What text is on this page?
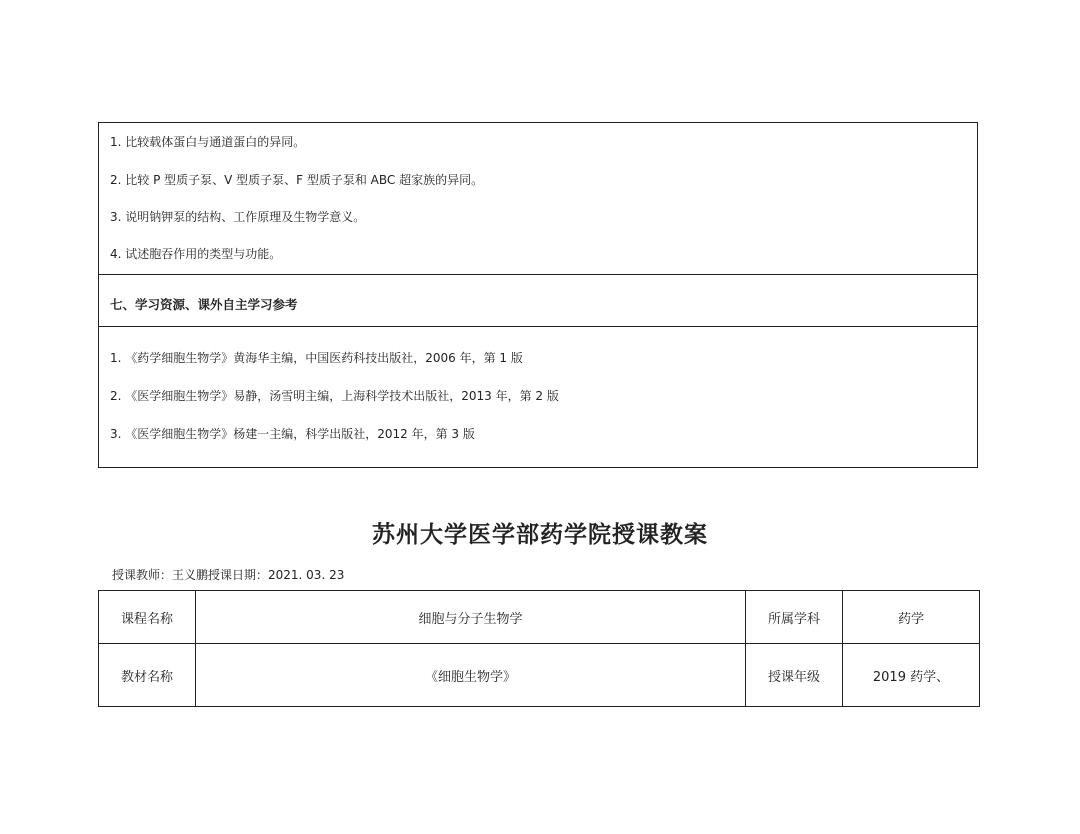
1. 比较载体蛋白与通道蛋白的异同。
2. 比较 P 型质子泵、V 型质子泵、F 型质子泵和 ABC 超家族的异同。
3. 说明钠钾泵的结构、工作原理及生物学意义。
4. 试述胞吞作用的类型与功能。
七、学习资源、课外自主学习参考
1. 《药学细胞生物学》黄海华主编，中国医药科技出版社，2006 年，第 1 版
2. 《医学细胞生物学》易静，汤雪明主编，上海科学技术出版社，2013 年，第 2 版
3. 《医学细胞生物学》杨建一主编，科学出版社，2012 年，第 3 版
苏州大学医学部药学院授课教案
授课教师：王义鹏授课日期：2021. 03. 23
课程名称	细胞与分子生物学	所属学科	药学
教材名称	《细胞生物学》	授课年级	2019 药学、
